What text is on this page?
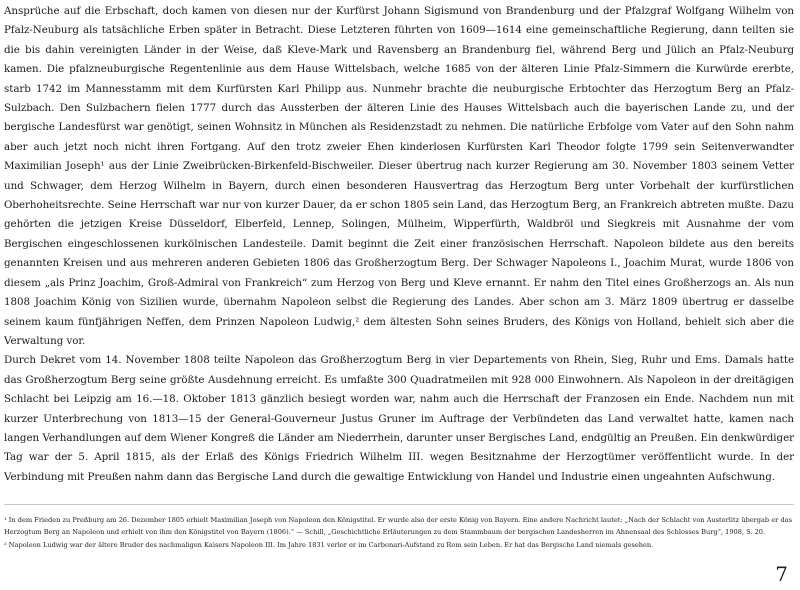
Ansprüche auf die Erbschaft, doch kamen von diesen nur der Kurfürst Johann Sigismund von Brandenburg und der Pfalzgraf Wolfgang Wilhelm von Pfalz-Neuburg als tatsächliche Erben später in Betracht. Diese Letzteren führten von 1609—1614 eine gemeinschaftliche Regierung, dann teilten sie die bis dahin vereinigten Länder in der Weise, daß Kleve-Mark und Ravensberg an Brandenburg fiel, während Berg und Jülich an Pfalz-Neuburg kamen. Die pfalzneuburgische Regentenlinie aus dem Hause Wittelsbach, welche 1685 von der älteren Linie Pfalz-Simmern die Kurwürde ererbte, starb 1742 im Mannesstamm mit dem Kurfürsten Karl Philipp aus. Nunmehr brachte die neuburgische Erbtochter das Herzogtum Berg an Pfalz-Sulzbach. Den Sulzbachern fielen 1777 durch das Aussterben der älteren Linie des Hauses Wittelsbach auch die bayerischen Lande zu, und der bergische Landesfürst war genötigt, seinen Wohnsitz in München als Residenzstadt zu nehmen. Die natürliche Erbfolge vom Vater auf den Sohn nahm aber auch jetzt noch nicht ihren Fortgang. Auf den trotz zweier Ehen kinderlosen Kurfürsten Karl Theodor folgte 1799 sein Seitenverwandter Maximilian Joseph¹ aus der Linie Zweibrücken-Birkenfeld-Bischweiler. Dieser übertrug nach kurzer Regierung am 30. November 1803 seinem Vetter und Schwager, dem Herzog Wilhelm in Bayern, durch einen besonderen Hausvertrag das Herzogtum Berg unter Vorbehalt der kurfürstlichen Oberhoheitsrechte. Seine Herrschaft war nur von kurzer Dauer, da er schon 1805 sein Land, das Herzogtum Berg, an Frankreich abtreten mußte. Dazu gehörten die jetzigen Kreise Düsseldorf, Elberfeld, Lennep, Solingen, Mülheim, Wipperfürth, Waldbröl und Siegkreis mit Ausnahme der vom Bergischen eingeschlossenen kurkölnischen Landesteile. Damit beginnt die Zeit einer französischen Herrschaft. Napoleon bildete aus den bereits genannten Kreisen und aus mehreren anderen Gebieten 1806 das Großherzogtum Berg. Der Schwager Napoleons I., Joachim Murat, wurde 1806 von diesem „als Prinz Joachim, Groß-Admiral von Frankreich“ zum Herzog von Berg und Kleve ernannt. Er nahm den Titel eines Großherzogs an. Als nun 1808 Joachim König von Sizilien wurde, übernahm Napoleon selbst die Regierung des Landes. Aber schon am 3. März 1809 übertrug er dasselbe seinem kaum fünfjährigen Neffen, dem Prinzen Napoleon Ludwig,² dem ältesten Sohn seines Bruders, des Königs von Holland, behielt sich aber die Verwaltung vor.

Durch Dekret vom 14. November 1808 teilte Napoleon das Großherzogtum Berg in vier Departements von Rhein, Sieg, Ruhr und Ems. Damals hatte das Großherzogtum Berg seine größte Ausdehnung erreicht. Es umfaßte 300 Quadratmeilen mit 928 000 Einwohnern. Als Napoleon in der dreitägigen Schlacht bei Leipzig am 16.—18. Oktober 1813 gänzlich besiegt worden war, nahm auch die Herrschaft der Franzosen ein Ende. Nachdem nun mit kurzer Unterbrechung von 1813—15 der General-Gouverneur Justus Gruner im Auftrage der Verbündeten das Land verwaltet hatte, kamen nach langen Verhandlungen auf dem Wiener Kongreß die Länder am Niederrhein, darunter unser Bergisches Land, endgültig an Preußen. Ein denkwürdiger Tag war der 5. April 1815, als der Erlaß des Königs Friedrich Wilhelm III. wegen Besitznahme der Herzogtümer veröffentlicht wurde. In der Verbindung mit Preußen nahm dann das Bergische Land durch die gewaltige Entwicklung von Handel und Industrie einen ungeahnten Aufschwung.

¹ In dem Frieden zu Preßburg am 26. Dezember 1805 erhielt Maximilian Joseph von Napoleon den Königstitel. Er wurde also der erste König von Bayern. Eine andere Nachricht lautet: „Nach der Schlacht von Austerlitz übergab er das Herzogtum Berg an Napoleon und erhielt von ihm den Königstitel von Bayern (1806).“ — Schill, „Geschichtliche Erläuterungen zu dem Stammbaum der bergischen Landesherren im Ahnensaal des Schlosses Burg“, 1908, S. 20.

² Napoleon Ludwig war der ältere Bruder des nachmaligen Kaisers Napoleon III. Im Jahre 1831 verlor er im Carbonari-Aufstand zu Rom sein Leben. Er hat das Bergische Land niemals gesehen.

7
